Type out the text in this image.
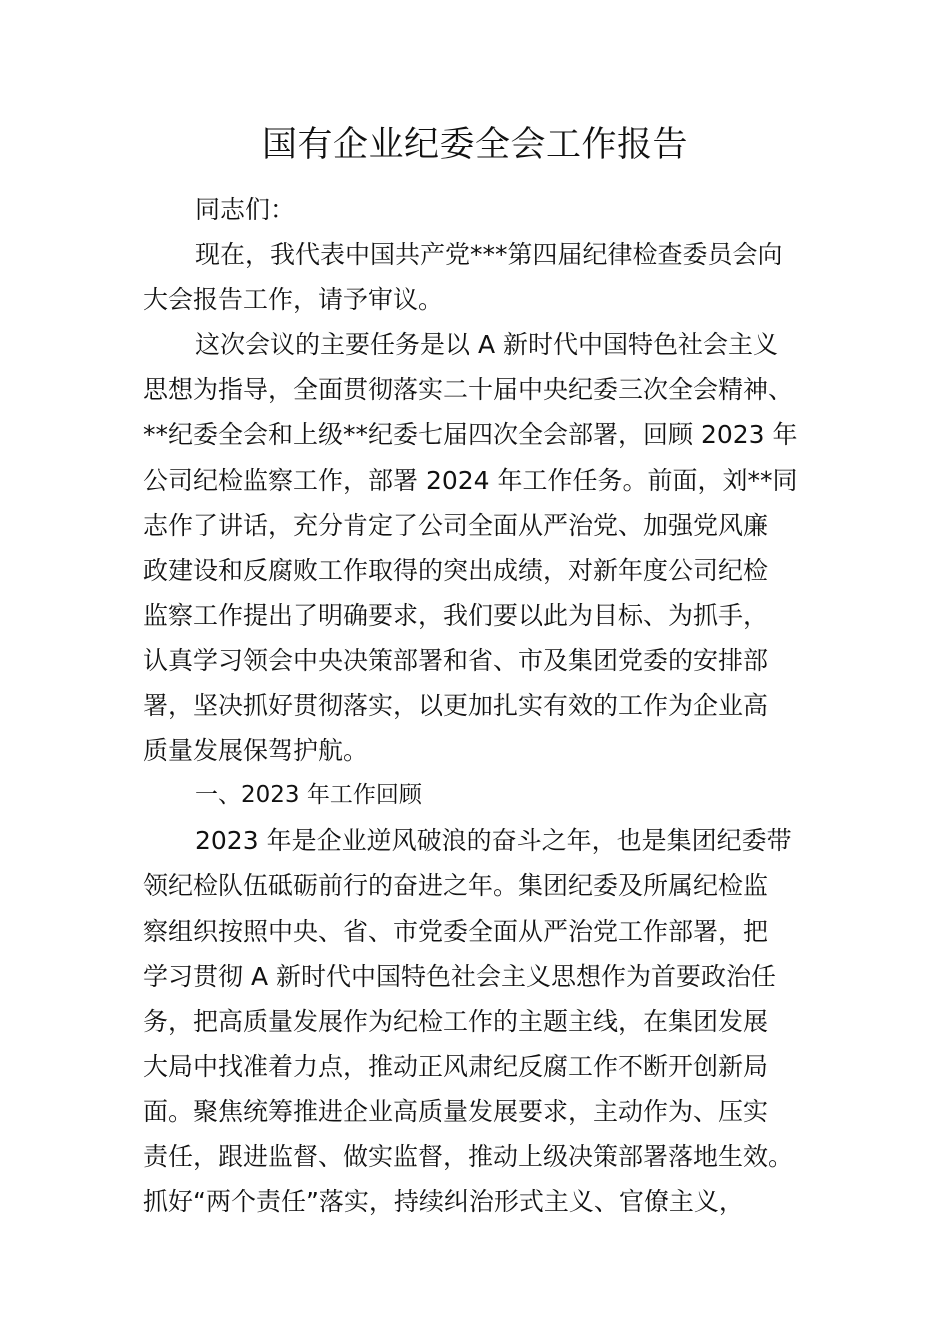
国有企业纪委全会工作报告
同志们：
现在，我代表中国共产党***第四届纪律检查委员会向
大会报告工作，请予审议。
这次会议的主要任务是以 A 新时代中国特色社会主义
思想为指导，全面贯彻落实二十届中央纪委三次全会精神、
**纪委全会和上级**纪委七届四次全会部署，回顾 2023 年
公司纪检监察工作，部署 2024 年工作任务。前面，刘**同
志作了讲话，充分肯定了公司全面从严治党、加强党风廉
政建设和反腐败工作取得的突出成绩，对新年度公司纪检
监察工作提出了明确要求，我们要以此为目标、为抓手，
认真学习领会中央决策部署和省、市及集团党委的安排部
署，坚决抓好贯彻落实，以更加扎实有效的工作为企业高
质量发展保驾护航。
一、2023 年工作回顾
2023 年是企业逆风破浪的奋斗之年，也是集团纪委带
领纪检队伍砥砺前行的奋进之年。集团纪委及所属纪检监
察组织按照中央、省、市党委全面从严治党工作部署，把
学习贯彻 A 新时代中国特色社会主义思想作为首要政治任
务，把高质量发展作为纪检工作的主题主线，在集团发展
大局中找准着力点，推动正风肃纪反腐工作不断开创新局
面。聚焦统筹推进企业高质量发展要求，主动作为、压实
责任，跟进监督、做实监督，推动上级决策部署落地生效。
抓好“两个责任”落实，持续纠治形式主义、官僚主义，
